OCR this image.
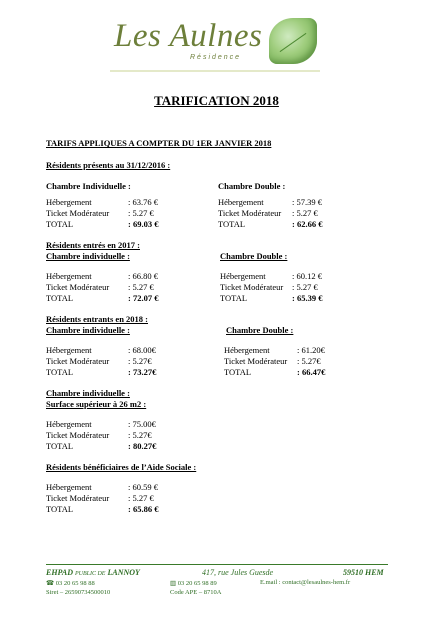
Les Aulnes
Résidence
TARIFICATION 2018
TARIFS APPLIQUES A COMPTER DU 1ER JANVIER 2018
Résidents présents au 31/12/2016 :
Chambre Individuelle :
Hébergement	: 63.76 €
Ticket Modérateur : 5.27 €
TOTAL	: 69.03 €
Chambre Double :
Hébergement	: 57.39 €
Ticket Modérateur : 5.27 €
TOTAL	: 62.66 €
Résidents entrés en 2017 :
Chambre individuelle :
Hébergement	: 66.80 €
Ticket Modérateur : 5.27 €
TOTAL	: 72.07 €
Chambre Double :
Hébergement	: 60.12 €
Ticket Modérateur : 5.27 €
TOTAL	: 65.39 €
Résidents entrants en 2018 :
Chambre individuelle :
Hébergement	: 68.00€
Ticket Modérateur : 5.27€
TOTAL	: 73.27€
Chambre Double :
Hébergement	: 61.20€
Ticket Modérateur : 5.27€
TOTAL	: 66.47€
Chambre individuelle :
Surface supérieur à 26 m2 :
Hébergement	: 75.00€
Ticket Modérateur : 5.27€
TOTAL	: 80.27€
Résidents bénéficiaires de l’Aide Sociale :
Hébergement	: 60.59 €
Ticket Modérateur : 5.27 €
TOTAL	: 65.86 €
EHPAD PUBLIC DE LANNOY	417, rue Jules Guesde	59510 HEM
☎ 03 20 65 98 88	▥ 03 20 65 98 89	E.mail : contact@lesaulnes-hem.fr
Siret – 26590734500010	Code APE – 8710A
